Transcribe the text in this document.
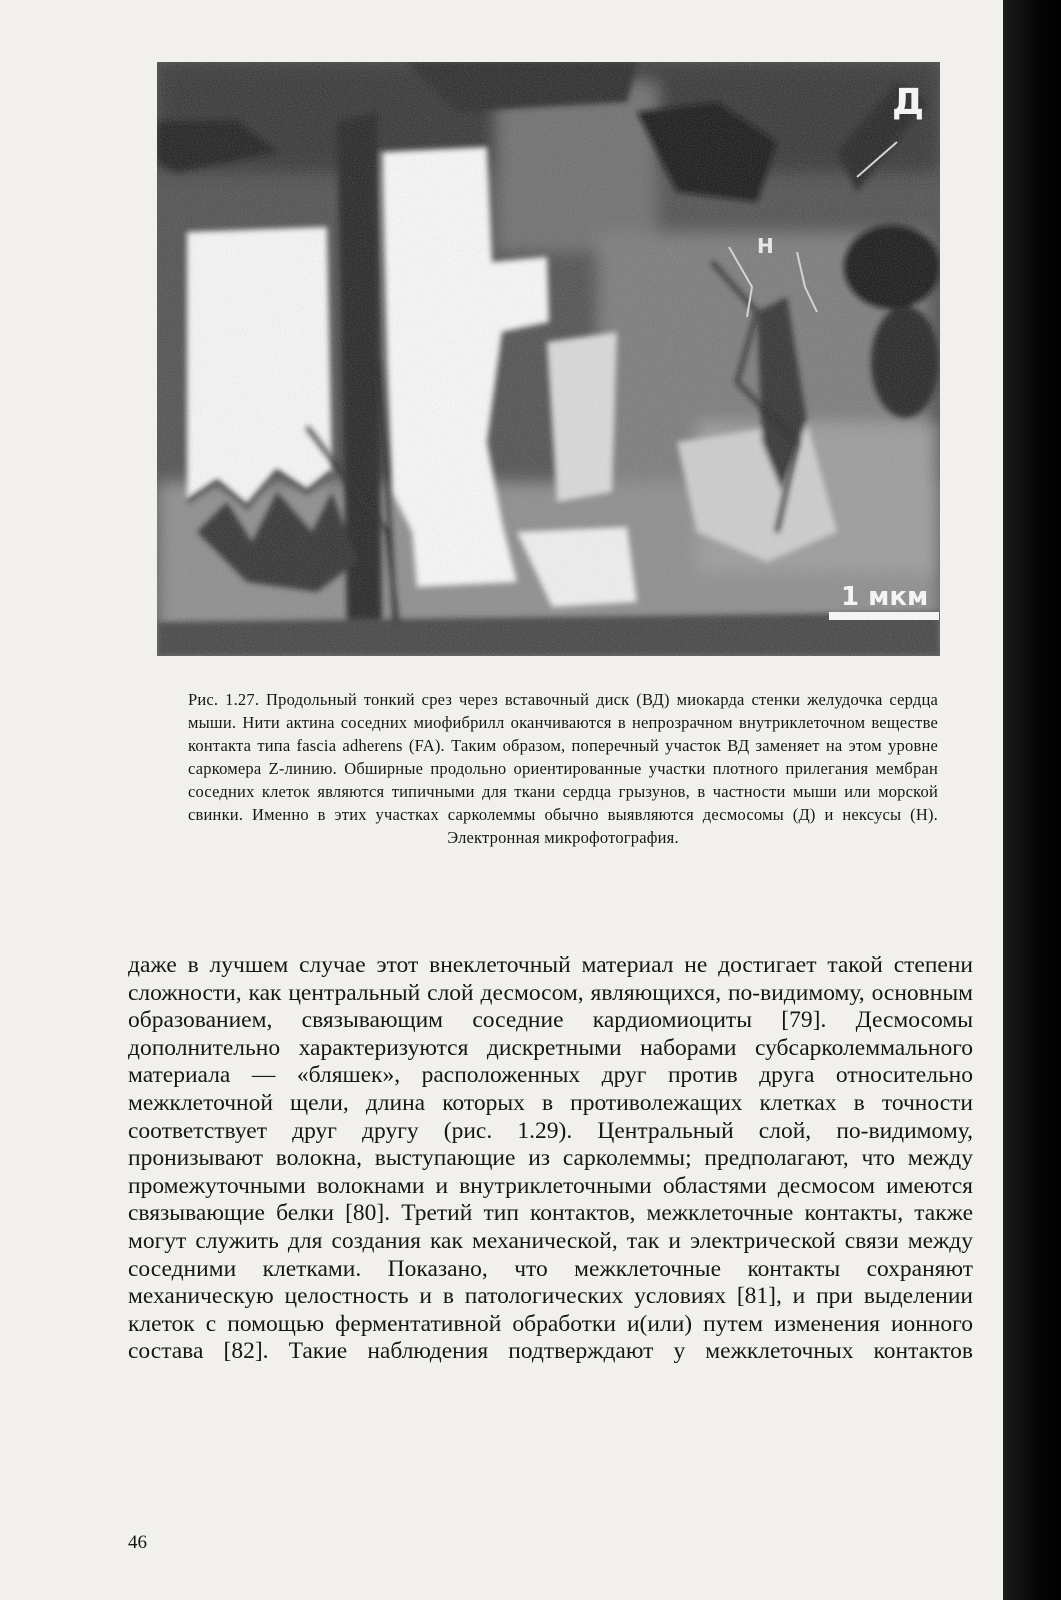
Д
Н
1 мкм
Рис. 1.27. Продольный тонкий срез через вставочный диск (ВД) миокарда стенки желудочка сердца мыши. Нити актина соседних миофибрилл оканчиваются в непрозрачном внутриклеточном веществе контакта типа fascia adherens (FA). Таким образом, поперечный участок ВД заменяет на этом уровне саркомера Z-линию. Обширные продольно ориентированные участки плотного прилегания мембран соседних клеток являются типичными для ткани сердца грызунов, в частности мыши или морской свинки. Именно в этих участках сарколеммы обычно выявляются десмосомы (Д) и нексусы (Н). Электронная микрофотография.
даже в лучшем случае этот внеклеточный материал не достигает такой степени сложности, как центральный слой десмосом, являющихся, по-видимому, основным образованием, связывающим соседние кардиомиоциты [79]. Десмосомы дополнительно характеризуются дискретными наборами субсарколеммального материала — «бляшек», расположенных друг против друга относительно межклеточной щели, длина которых в противолежащих клетках в точности соответствует друг другу (рис. 1.29). Центральный слой, по-видимому, пронизывают волокна, выступающие из сарколеммы; предполагают, что между промежуточными волокнами и внутриклеточными областями десмосом имеются связывающие белки [80]. Третий тип контактов, межклеточные контакты, также могут служить для создания как механической, так и электрической связи между соседними клетками. Показано, что межклеточные контакты сохраняют механическую целостность и в патологических условиях [81], и при выделении клеток с помощью ферментативной обработки и(или) путем изменения ионного состава [82]. Такие наблюдения подтверждают у межклеточных контактов
46
